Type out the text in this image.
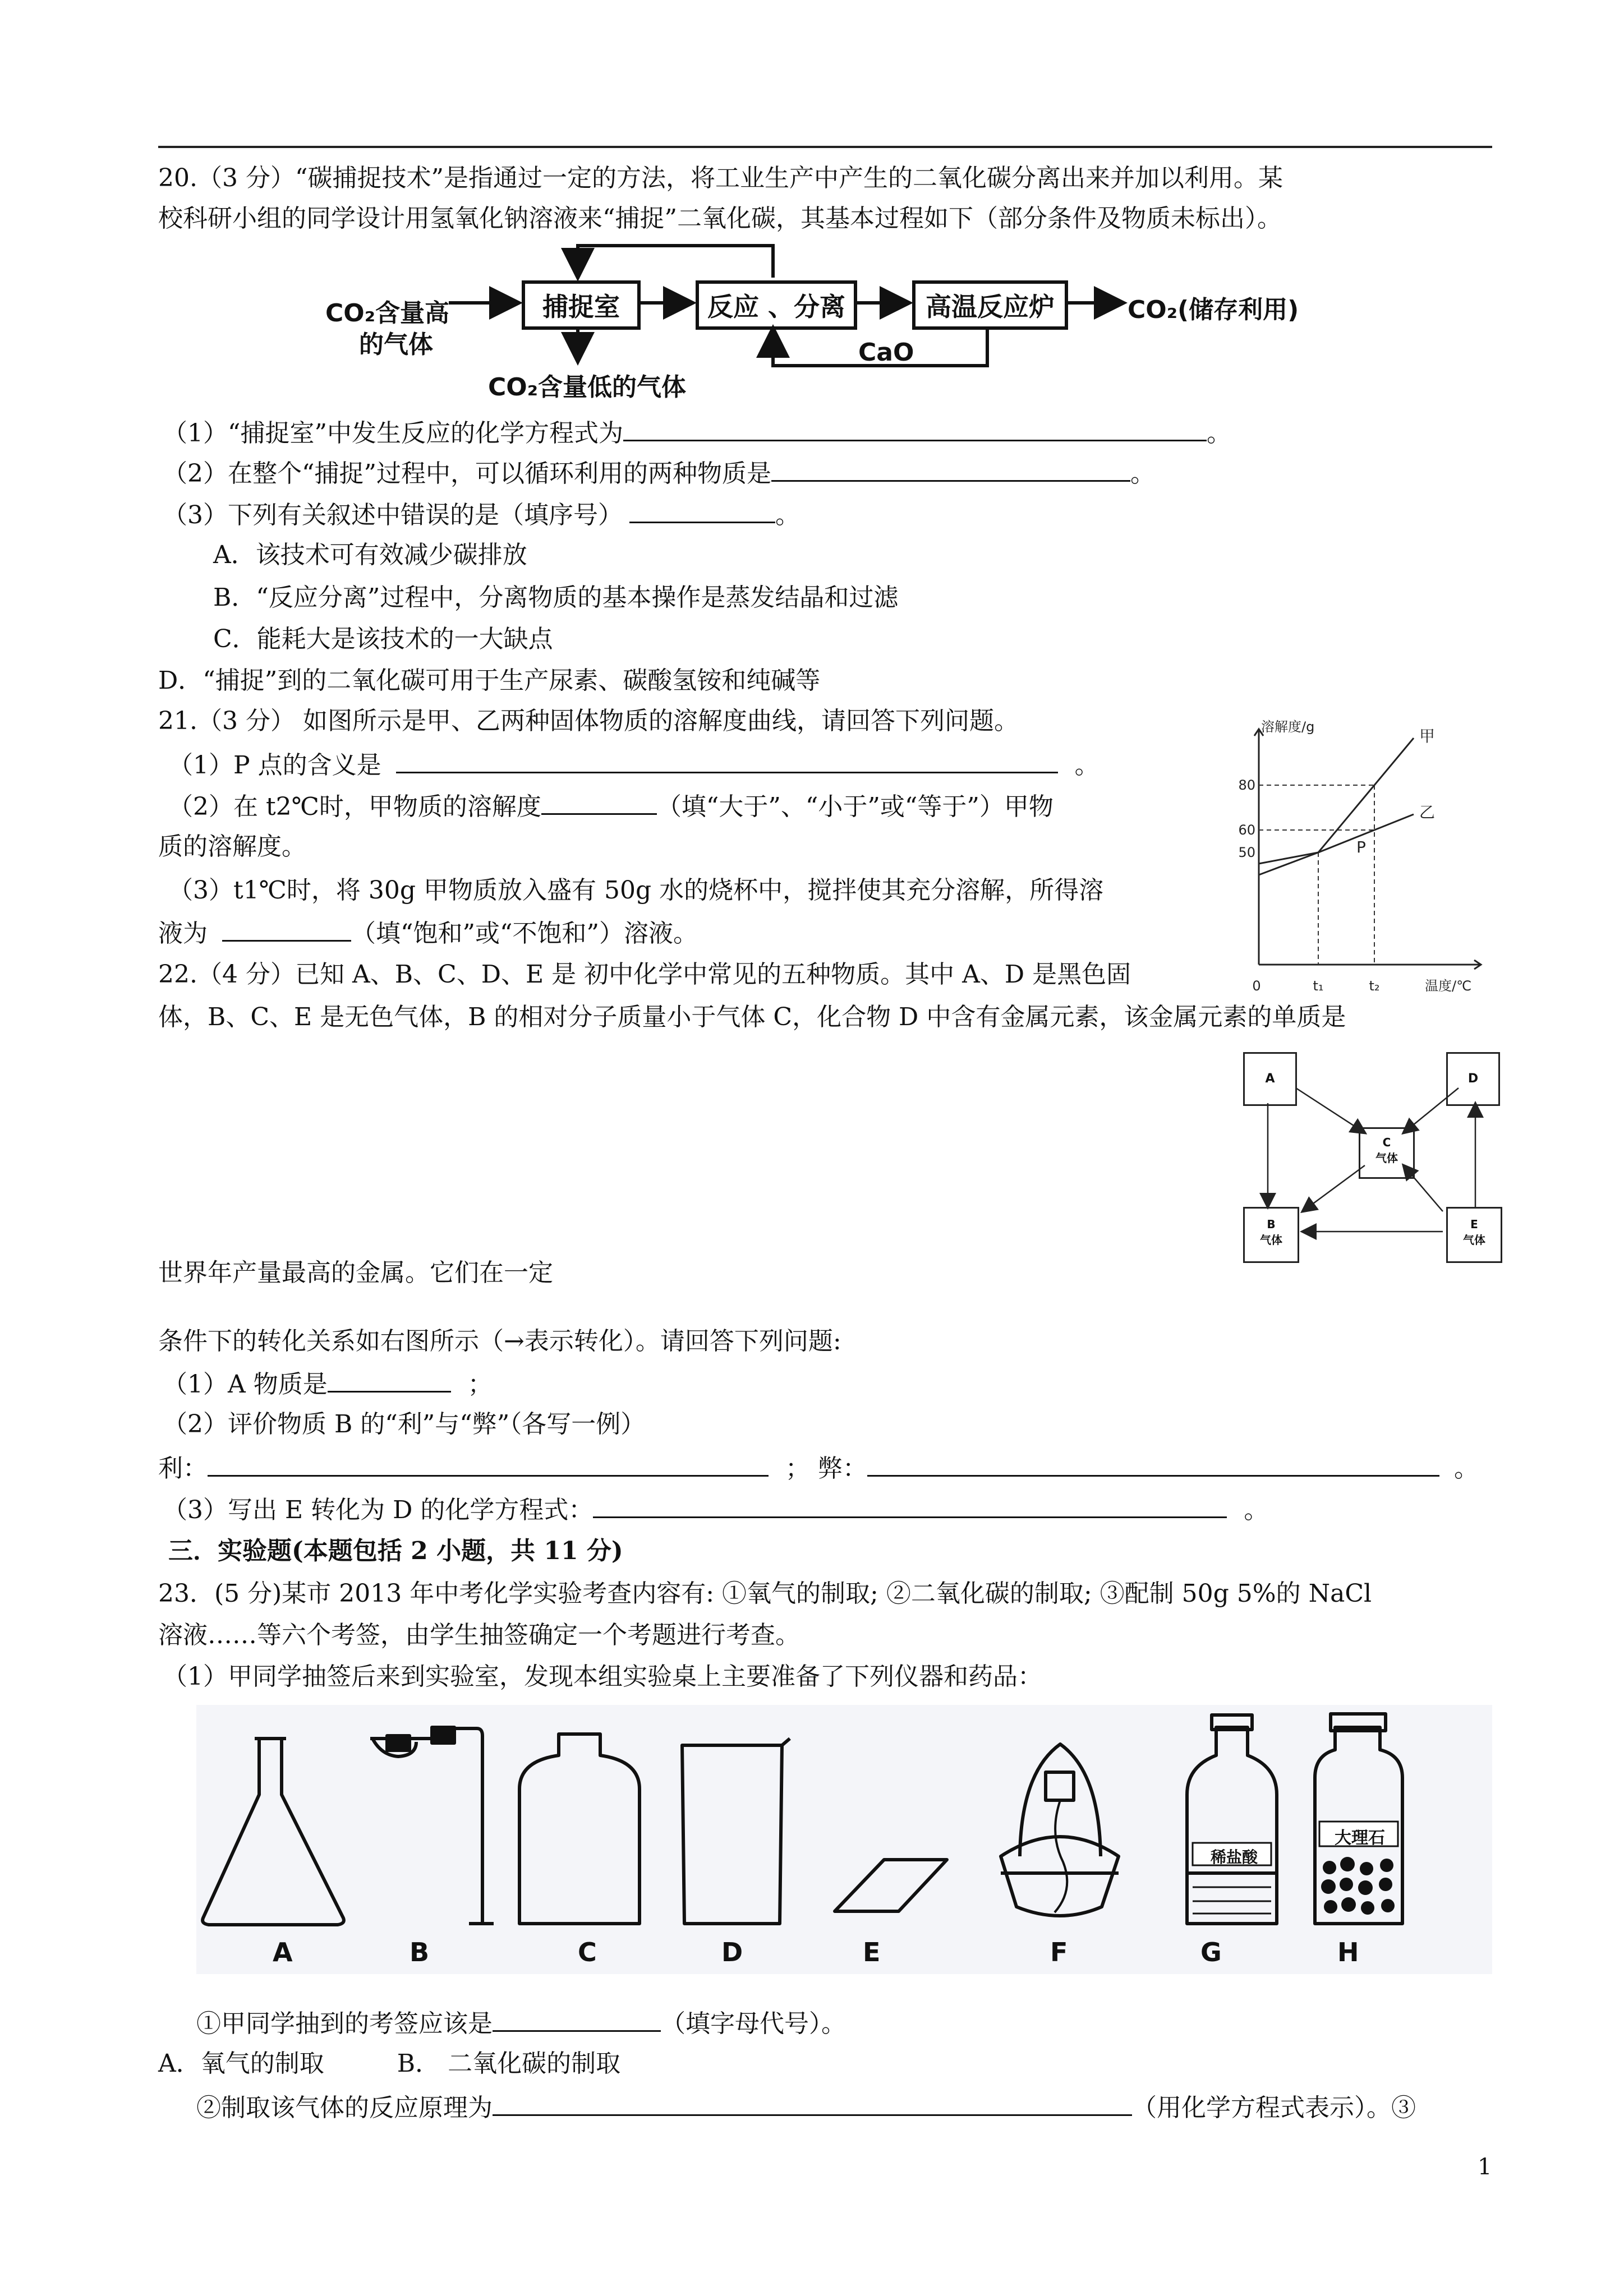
20.（3 分）“碳捕捉技术”是指通过一定的方法，将工业生产中产生的二氧化碳分离出来并加以利用。某
校科研小组的同学设计用氢氧化钠溶液来“捕捉”二氧化碳，其基本过程如下（部分条件及物质未标出）。
CO₂含量高
的气体
捕捉室	反应 、分离	高温反应炉	CO₂(储存利用)
CaO
CO₂含量低的气体
（1）“捕捉室”中发生反应的化学方程式为	。
（2）在整个“捕捉”过程中，可以循环利用的两种物质是	。
（3）下列有关叙述中错误的是（填序号）	。
A．该技术可有效减少碳排放
B．“反应分离”过程中，分离物质的基本操作是蒸发结晶和过滤
C．能耗大是该技术的一大缺点
D．“捕捉”到的二氧化碳可用于生产尿素、碳酸氢铵和纯碱等
21.（3 分） 如图所示是甲、乙两种固体物质的溶解度曲线，请回答下列问题。
（1）P 点的含义是	。
（2）在 t2℃时，甲物质的溶解度	（填“大于”、“小于”或“等于”）甲物
质的溶解度。
（3）t1℃时，将 30g 甲物质放入盛有 50g 水的烧杯中，搅拌使其充分溶解，所得溶
液为	（填“饱和”或“不饱和”）溶液。
溶解度/g
温度/℃
0	t₁	t₂
80
60
50
甲
乙
P
22.（4 分）已知 A、B、C、D、E 是 初中化学中常见的五种物质。其中 A、D 是黑色固
体，B、C、E 是无色气体，B 的相对分子质量小于气体 C，化合物 D 中含有金属元素，该金属元素的单质是
A	D
C
气体
B
气体
E
气体
世界年产量最高的金属。它们在一定
条件下的转化关系如右图所示（→表示转化）。请回答下列问题:
（1）A 物质是	；
（2）评价物质 B 的“利”与“弊”（各写一例）
利：	； 弊：	。
（3）写出 E 转化为 D 的化学方程式：	。
三．实验题(本题包括 2 小题，共 11 分)
23．(5 分)某市 2013 年中考化学实验考查内容有: ①氧气的制取; ②二氧化碳的制取; ③配制 50g 5%的 NaCl
溶液……等六个考签，由学生抽签确定一个考题进行考查。
（1）甲同学抽签后来到实验室，发现本组实验桌上主要准备了下列仪器和药品：
稀盐酸
大理石
A	B	C	D	E	F	G	H
①甲同学抽到的考签应该是	（填字母代号）。
A．氧气的制取	B． 二氧化碳的制取
②制取该气体的反应原理为	（用化学方程式表示）。③
1
